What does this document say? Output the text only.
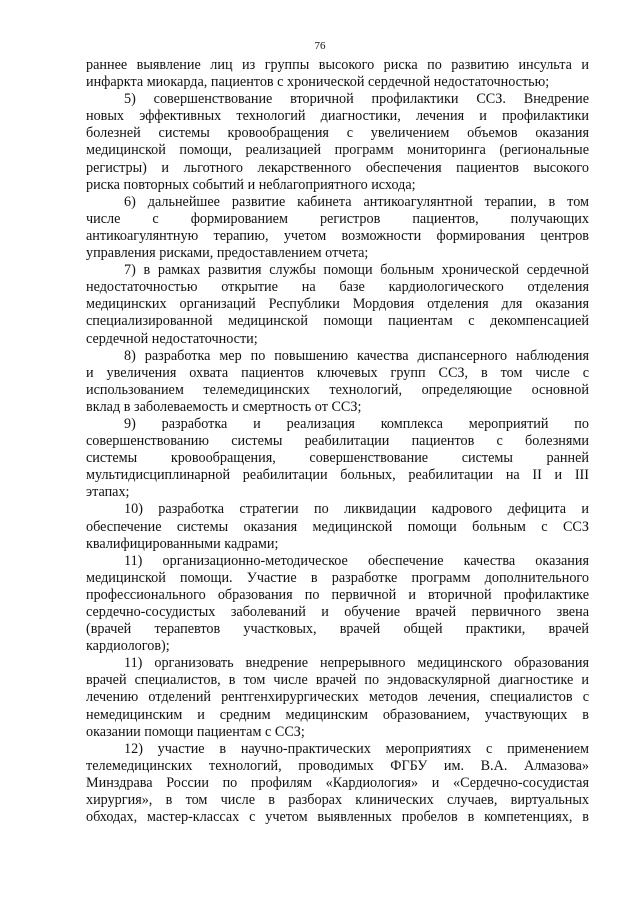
76
раннее выявление лиц из группы высокого риска по развитию инсульта и
инфаркта миокарда, пациентов с хронической сердечной недостаточностью;
5) совершенствование вторичной профилактики ССЗ. Внедрение
новых эффективных технологий диагностики, лечения и профилактики
болезней системы кровообращения с увеличением объемов оказания
медицинской помощи, реализацией программ мониторинга (региональные
регистры) и льготного лекарственного обеспечения пациентов высокого
риска повторных событий и неблагоприятного исхода;
6) дальнейшее развитие кабинета антикоагулянтной терапии, в том
числе с формированием регистров пациентов, получающих
антикоагулянтную терапию, учетом возможности формирования центров
управления рисками, предоставлением отчета;
7) в рамках развития службы помощи больным хронической сердечной
недостаточностью открытие на базе кардиологического отделения
медицинских организаций Республики Мордовия отделения для оказания
специализированной медицинской помощи пациентам с декомпенсацией
сердечной недостаточности;
8) разработка мер по повышению качества диспансерного наблюдения
и увеличения охвата пациентов ключевых групп ССЗ, в том числе с
использованием телемедицинских технологий, определяющие основной
вклад в заболеваемость и смертность от ССЗ;
9) разработка и реализация комплекса мероприятий по
совершенствованию системы реабилитации пациентов с болезнями
системы кровообращения, совершенствование системы ранней
мультидисциплинарной реабилитации больных, реабилитации на II и III
этапах;
10) разработка стратегии по ликвидации кадрового дефицита и
обеспечение системы оказания медицинской помощи больным с ССЗ
квалифицированными кадрами;
11) организационно-методическое обеспечение качества оказания
медицинской помощи. Участие в разработке программ дополнительного
профессионального образования по первичной и вторичной профилактике
сердечно-сосудистых заболеваний и обучение врачей первичного звена
(врачей терапевтов участковых, врачей общей практики, врачей
кардиологов);
11) организовать внедрение непрерывного медицинского образования
врачей специалистов, в том числе врачей по эндоваскулярной диагностике и
лечению отделений рентгенхирургических методов лечения, специалистов с
немедицинским и средним медицинским образованием, участвующих в
оказании помощи пациентам с ССЗ;
12) участие в научно-практических мероприятиях с применением
телемедицинских технологий, проводимых ФГБУ им. В.А. Алмазова»
Минздрава России по профилям «Кардиология» и «Сердечно-сосудистая
хирургия», в том числе в разборах клинических случаев, виртуальных
обходах, мастер-классах с учетом выявленных пробелов в компетенциях, в
